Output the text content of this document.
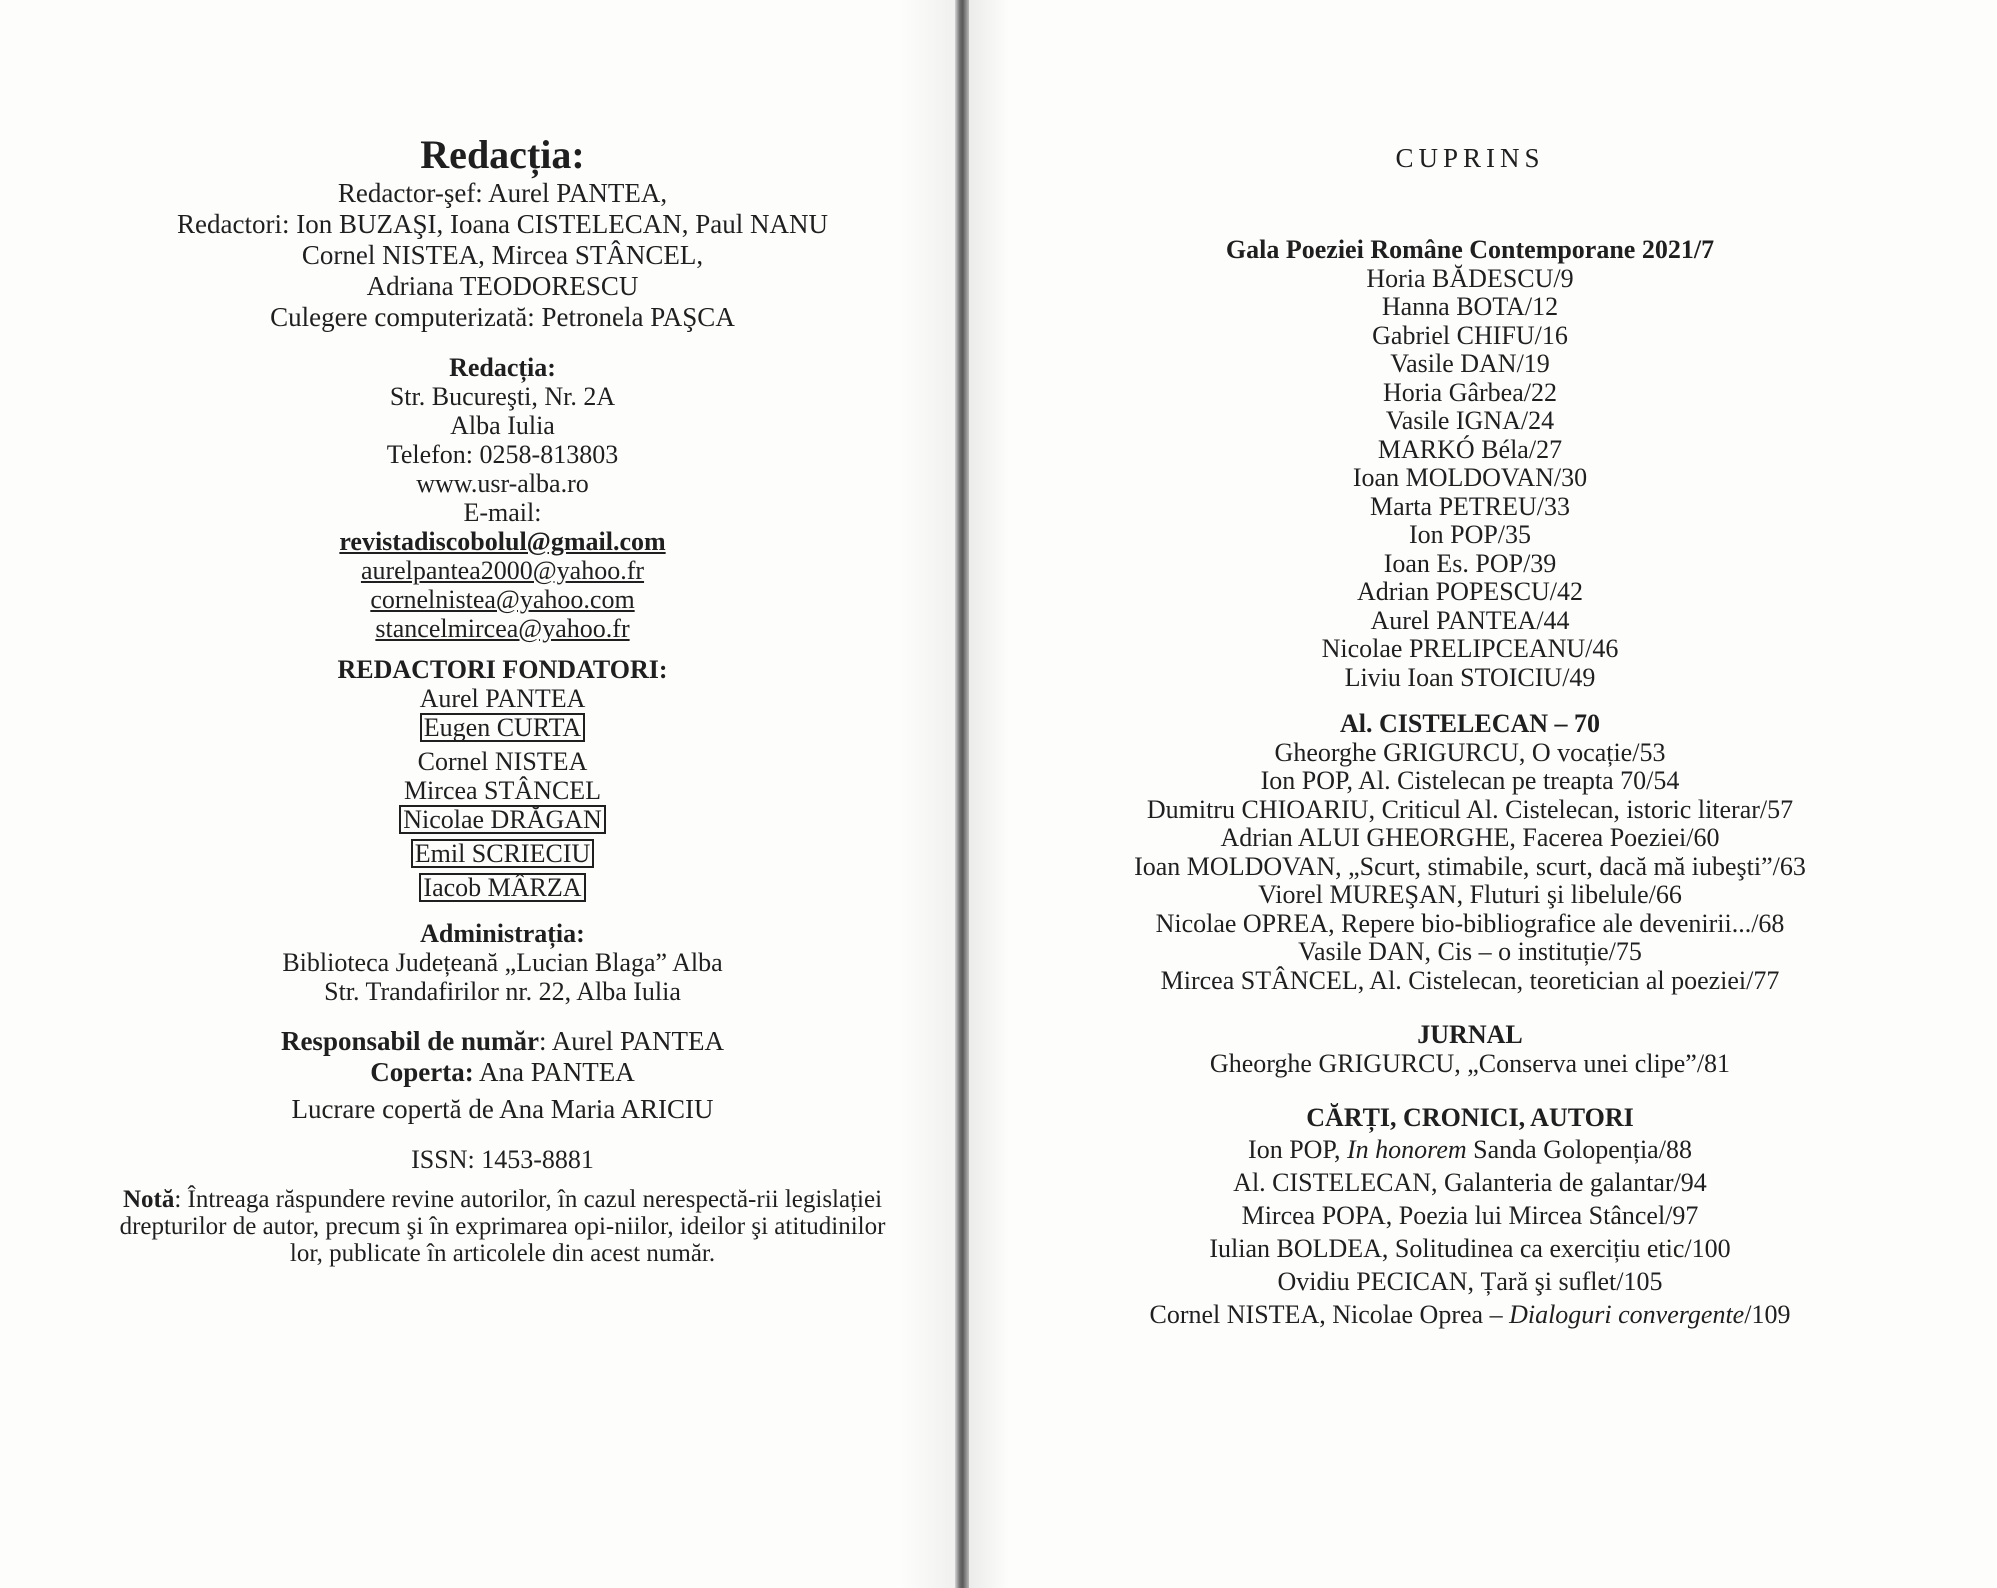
Redacția:
Redactor-şef: Aurel PANTEA,
Redactori: Ion BUZAŞI, Ioana CISTELECAN, Paul NANU
Cornel NISTEA, Mircea STÂNCEL,
Adriana TEODORESCU
Culegere computerizată: Petronela PAŞCA
Redacția:
Str. Bucureşti, Nr. 2A
Alba Iulia
Telefon: 0258-813803
www.usr-alba.ro
E-mail:
revistadiscobolul@gmail.com
aurelpantea2000@yahoo.fr
cornelnistea@yahoo.com
stancelmircea@yahoo.fr
REDACTORI FONDATORI:
Aurel PANTEA
Eugen CURTA
Cornel NISTEA
Mircea STÂNCEL
Nicolae DRĂGAN
Emil SCRIECIU
Iacob MÂRZA
Administrația:
Biblioteca Județeană „Lucian Blaga” Alba
Str. Trandafirilor nr. 22, Alba Iulia
Responsabil de număr: Aurel PANTEA
Coperta: Ana PANTEA
Lucrare copertă de Ana Maria ARICIU
ISSN: 1453-8881
Notă: Întreaga răspundere revine autorilor, în cazul nerespectă-rii legislației drepturilor de autor, precum şi în exprimarea opi-niilor, ideilor şi atitudinilor lor, publicate în articolele din acest număr.
CUPRINS
Gala Poeziei Române Contemporane 2021/7
Horia BĂDESCU/9
Hanna BOTA/12
Gabriel CHIFU/16
Vasile DAN/19
Horia Gârbea/22
Vasile IGNA/24
MARKÓ Béla/27
Ioan MOLDOVAN/30
Marta PETREU/33
Ion POP/35
Ioan Es. POP/39
Adrian POPESCU/42
Aurel PANTEA/44
Nicolae PRELIPCEANU/46
Liviu Ioan STOICIU/49
Al. CISTELECAN – 70
Gheorghe GRIGURCU, O vocație/53
Ion POP, Al. Cistelecan pe treapta 70/54
Dumitru CHIOARIU, Criticul Al. Cistelecan, istoric literar/57
Adrian ALUI GHEORGHE, Facerea Poeziei/60
Ioan MOLDOVAN, „Scurt, stimabile, scurt, dacă mă iubeşti”/63
Viorel MUREŞAN, Fluturi şi libelule/66
Nicolae OPREA, Repere bio-bibliografice ale devenirii.../68
Vasile DAN, Cis – o instituție/75
Mircea STÂNCEL, Al. Cistelecan, teoretician al poeziei/77
JURNAL
Gheorghe GRIGURCU, „Conserva unei clipe”/81
CĂRȚI, CRONICI, AUTORI
Ion POP, In honorem Sanda Golopenția/88
Al. CISTELECAN, Galanteria de galantar/94
Mircea POPA, Poezia lui Mircea Stâncel/97
Iulian BOLDEA, Solitudinea ca exercițiu etic/100
Ovidiu PECICAN, Țară şi suflet/105
Cornel NISTEA, Nicolae Oprea – Dialoguri convergente/109
